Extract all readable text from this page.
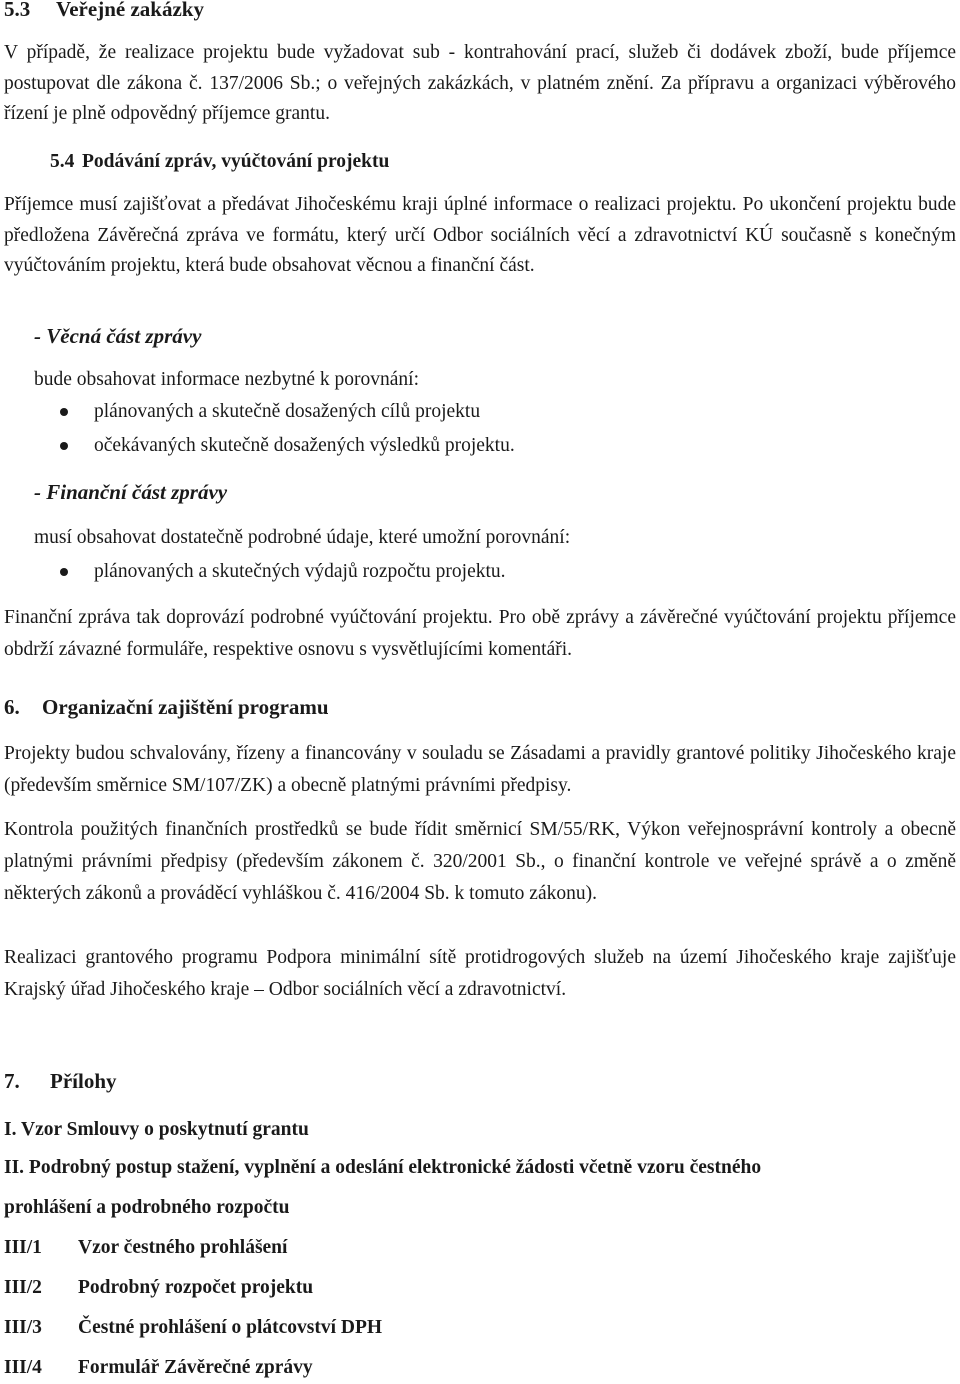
5.3 Veřejné zakázky

V případě, že realizace projektu bude vyžadovat sub - kontrahování prací, služeb či dodávek zboží, bude příjemce postupovat dle zákona č. 137/2006 Sb.; o veřejných zakázkách, v platném znění. Za přípravu a organizaci výběrového řízení je plně odpovědný příjemce grantu.

5.4 Podávání zpráv, vyúčtování projektu

Příjemce musí zajišťovat a předávat Jihočeskému kraji úplné informace o realizaci projektu. Po ukončení projektu bude předložena Závěrečná zpráva ve formátu, který určí Odbor sociálních věcí a zdravotnictví KÚ současně s konečným vyúčtováním projektu, která bude obsahovat věcnou a finanční část.

- Věcná část zprávy
bude obsahovat informace nezbytné k porovnání:
plánovaných a skutečně dosažených cílů projektu
očekávaných skutečně dosažených výsledků projektu.
- Finanční část zprávy
musí obsahovat dostatečně podrobné údaje, které umožní porovnání:
plánovaných a skutečných výdajů rozpočtu projektu.

Finanční zpráva tak doprovází podrobné vyúčtování projektu. Pro obě zprávy a závěrečné vyúčtování projektu příjemce obdrží závazné formuláře, respektive osnovu s vysvětlujícími komentáři.

6. Organizační zajištění programu

Projekty budou schvalovány, řízeny a financovány v souladu se Zásadami a pravidly grantové politiky Jihočeského kraje (především směrnice SM/107/ZK) a obecně platnými právními předpisy.

Kontrola použitých finančních prostředků se bude řídit směrnicí SM/55/RK, Výkon veřejnosprávní kontroly a obecně platnými právními předpisy (především zákonem č. 320/2001 Sb., o finanční kontrole ve veřejné správě a o změně některých zákonů a prováděcí vyhláškou č. 416/2004 Sb. k tomuto zákonu).

Realizaci grantového programu Podpora minimální sítě protidrogových služeb na území Jihočeského kraje zajišťuje Krajský úřad Jihočeského kraje – Odbor sociálních věcí a zdravotnictví.

7. Přílohy
I. Vzor Smlouvy o poskytnutí grantu
II. Podrobný postup stažení, vyplnění a odeslání elektronické žádosti včetně vzoru čestného
prohlášení a podrobného rozpočtu
III/1 Vzor čestného prohlášení
III/2 Podrobný rozpočet projektu
III/3 Čestné prohlášení o plátcovství DPH
III/4 Formulář Závěrečné zprávy
